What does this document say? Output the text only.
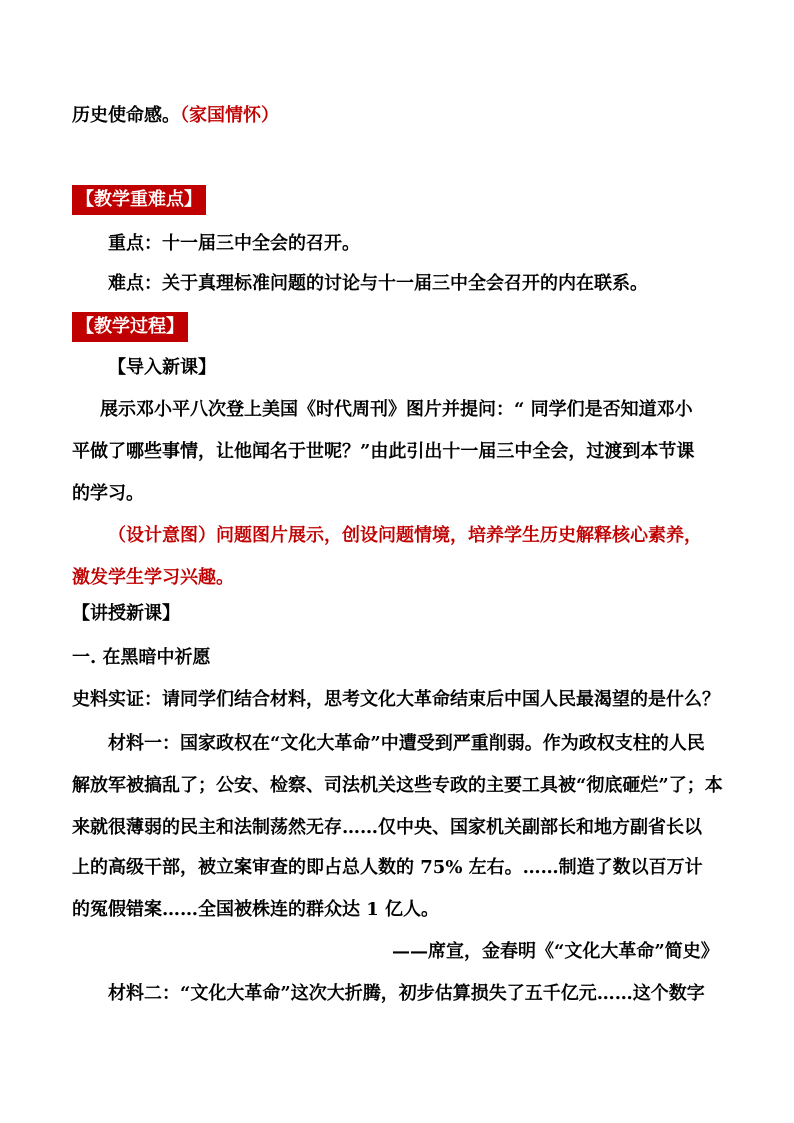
历史使命感。（家国情怀）

【教学重难点】

重点：十一届三中全会的召开。

难点：关于真理标准问题的讨论与十一届三中全会召开的内在联系。

【教学过程】

【导入新课】

展示邓小平八次登上美国《时代周刊》图片并提问：“ 同学们是否知道邓小

平做了哪些事情，让他闻名于世呢？”由此引出十一届三中全会，过渡到本节课

的学习。

（设计意图）问题图片展示，创设问题情境，培养学生历史解释核心素养，

激发学生学习兴趣。

【讲授新课】

一. 在黑暗中祈愿

史料实证：请同学们结合材料，思考文化大革命结束后中国人民最渴望的是什么？

材料一：国家政权在“文化大革命”中遭受到严重削弱。作为政权支柱的人民

解放军被搞乱了；公安、检察、司法机关这些专政的主要工具被“彻底砸烂”了；本

来就很薄弱的民主和法制荡然无存……仅中央、国家机关副部长和地方副省长以

上的高级干部，被立案审查的即占总人数的 75% 左右。……制造了数以百万计

的冤假错案……全国被株连的群众达 1 亿人。

——席宣，金春明《“文化大革命”简史》

材料二：“文化大革命”这次大折腾，初步估算损失了五千亿元……这个数字
